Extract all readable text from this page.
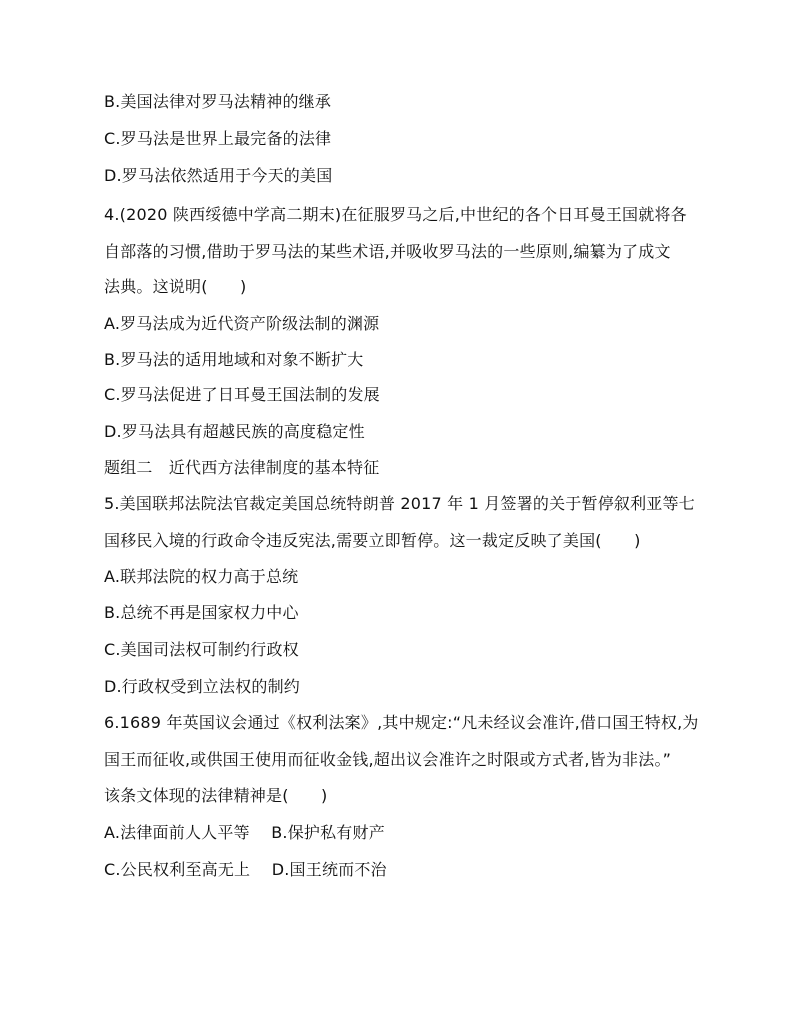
B.美国法律对罗马法精神的继承
C.罗马法是世界上最完备的法律
D.罗马法依然适用于今天的美国
4.(2020 陕西绥德中学高二期末)在征服罗马之后,中世纪的各个日耳曼王国就将各
自部落的习惯,借助于罗马法的某些术语,并吸收罗马法的一些原则,编纂为了成文
法典。这说明(　　)
A.罗马法成为近代资产阶级法制的渊源
B.罗马法的适用地域和对象不断扩大
C.罗马法促进了日耳曼王国法制的发展
D.罗马法具有超越民族的高度稳定性
题组二　近代西方法律制度的基本特征
5.美国联邦法院法官裁定美国总统特朗普 2017 年 1 月签署的关于暂停叙利亚等七
国移民入境的行政命令违反宪法,需要立即暂停。这一裁定反映了美国(　　)
A.联邦法院的权力高于总统
B.总统不再是国家权力中心
C.美国司法权可制约行政权
D.行政权受到立法权的制约
6.1689 年英国议会通过《权利法案》,其中规定:“凡未经议会准许,借口国王特权,为
国王而征收,或供国王使用而征收金钱,超出议会准许之时限或方式者,皆为非法。”
该条文体现的法律精神是(　　)
A.法律面前人人平等　 B.保护私有财产
C.公民权利至高无上　 D.国王统而不治
